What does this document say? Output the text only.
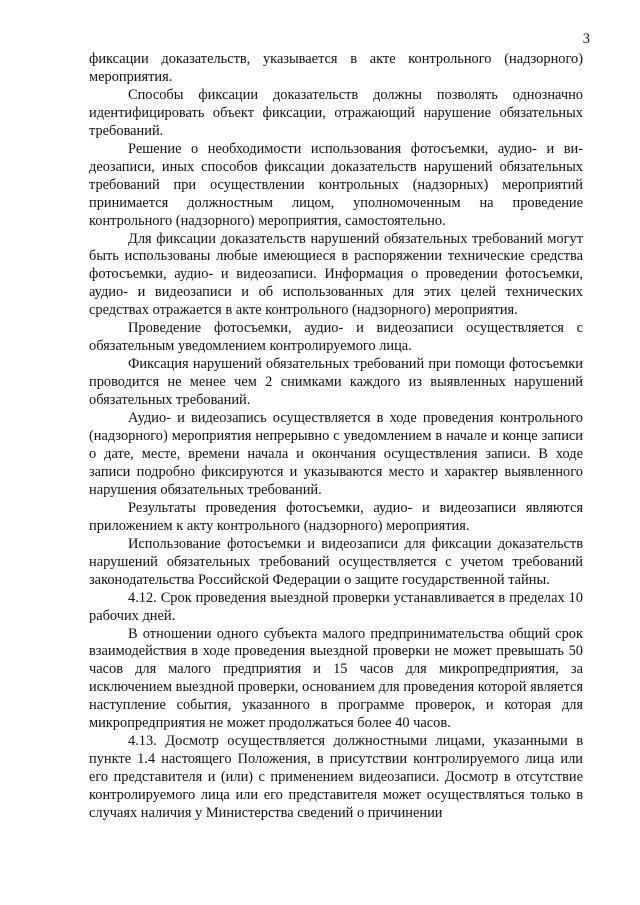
3

фиксации доказательств, указывается в акте контрольного (надзорного) мероприятия.

Способы фиксации доказательств должны позволять однозначно идентифицировать объект фиксации, отражающий нарушение обязательных требований.

Решение о необходимости использования фотосъемки, аудио- и видеозаписи, иных способов фиксации доказательств нарушений обязательных требований при осуществлении контрольных (надзорных) мероприятий принимается должностным лицом, уполномоченным на проведение контрольного (надзорного) мероприятия, самостоятельно.

Для фиксации доказательств нарушений обязательных требований могут быть использованы любые имеющиеся в распоряжении технические средства фотосъемки, аудио- и видеозаписи. Информация о проведении фотосъемки, аудио- и видеозаписи и об использованных для этих целей технических средствах отражается в акте контрольного (надзорного) мероприятия.

Проведение фотосъемки, аудио- и видеозаписи осуществляется с обязательным уведомлением контролируемого лица.

Фиксация нарушений обязательных требований при помощи фотосъемки проводится не менее чем 2 снимками каждого из выявленных нарушений обязательных требований.

Аудио- и видеозапись осуществляется в ходе проведения контрольного (надзорного) мероприятия непрерывно с уведомлением в начале и конце записи о дате, месте, времени начала и окончания осуществления записи. В ходе записи подробно фиксируются и указываются место и характер выявленного нарушения обязательных требований.

Результаты проведения фотосъемки, аудио- и видеозаписи являются приложением к акту контрольного (надзорного) мероприятия.

Использование фотосъемки и видеозаписи для фиксации доказательств нарушений обязательных требований осуществляется с учетом требований законодательства Российской Федерации о защите государственной тайны.

4.12. Срок проведения выездной проверки устанавливается в пределах 10 рабочих дней.

В отношении одного субъекта малого предпринимательства общий срок взаимодействия в ходе проведения выездной проверки не может превышать 50 часов для малого предприятия и 15 часов для микропредприятия, за исключением выездной проверки, основанием для проведения которой является наступление события, указанного в программе проверок, и которая для микропредприятия не может продолжаться более 40 часов.

4.13. Досмотр осуществляется должностными лицами, указанными в пункте 1.4 настоящего Положения, в присутствии контролируемого лица или его представителя и (или) с применением видеозаписи. Досмотр в отсутствие контролируемого лица или его представителя может осуществляться только в случаях наличия у Министерства сведений о причинении
